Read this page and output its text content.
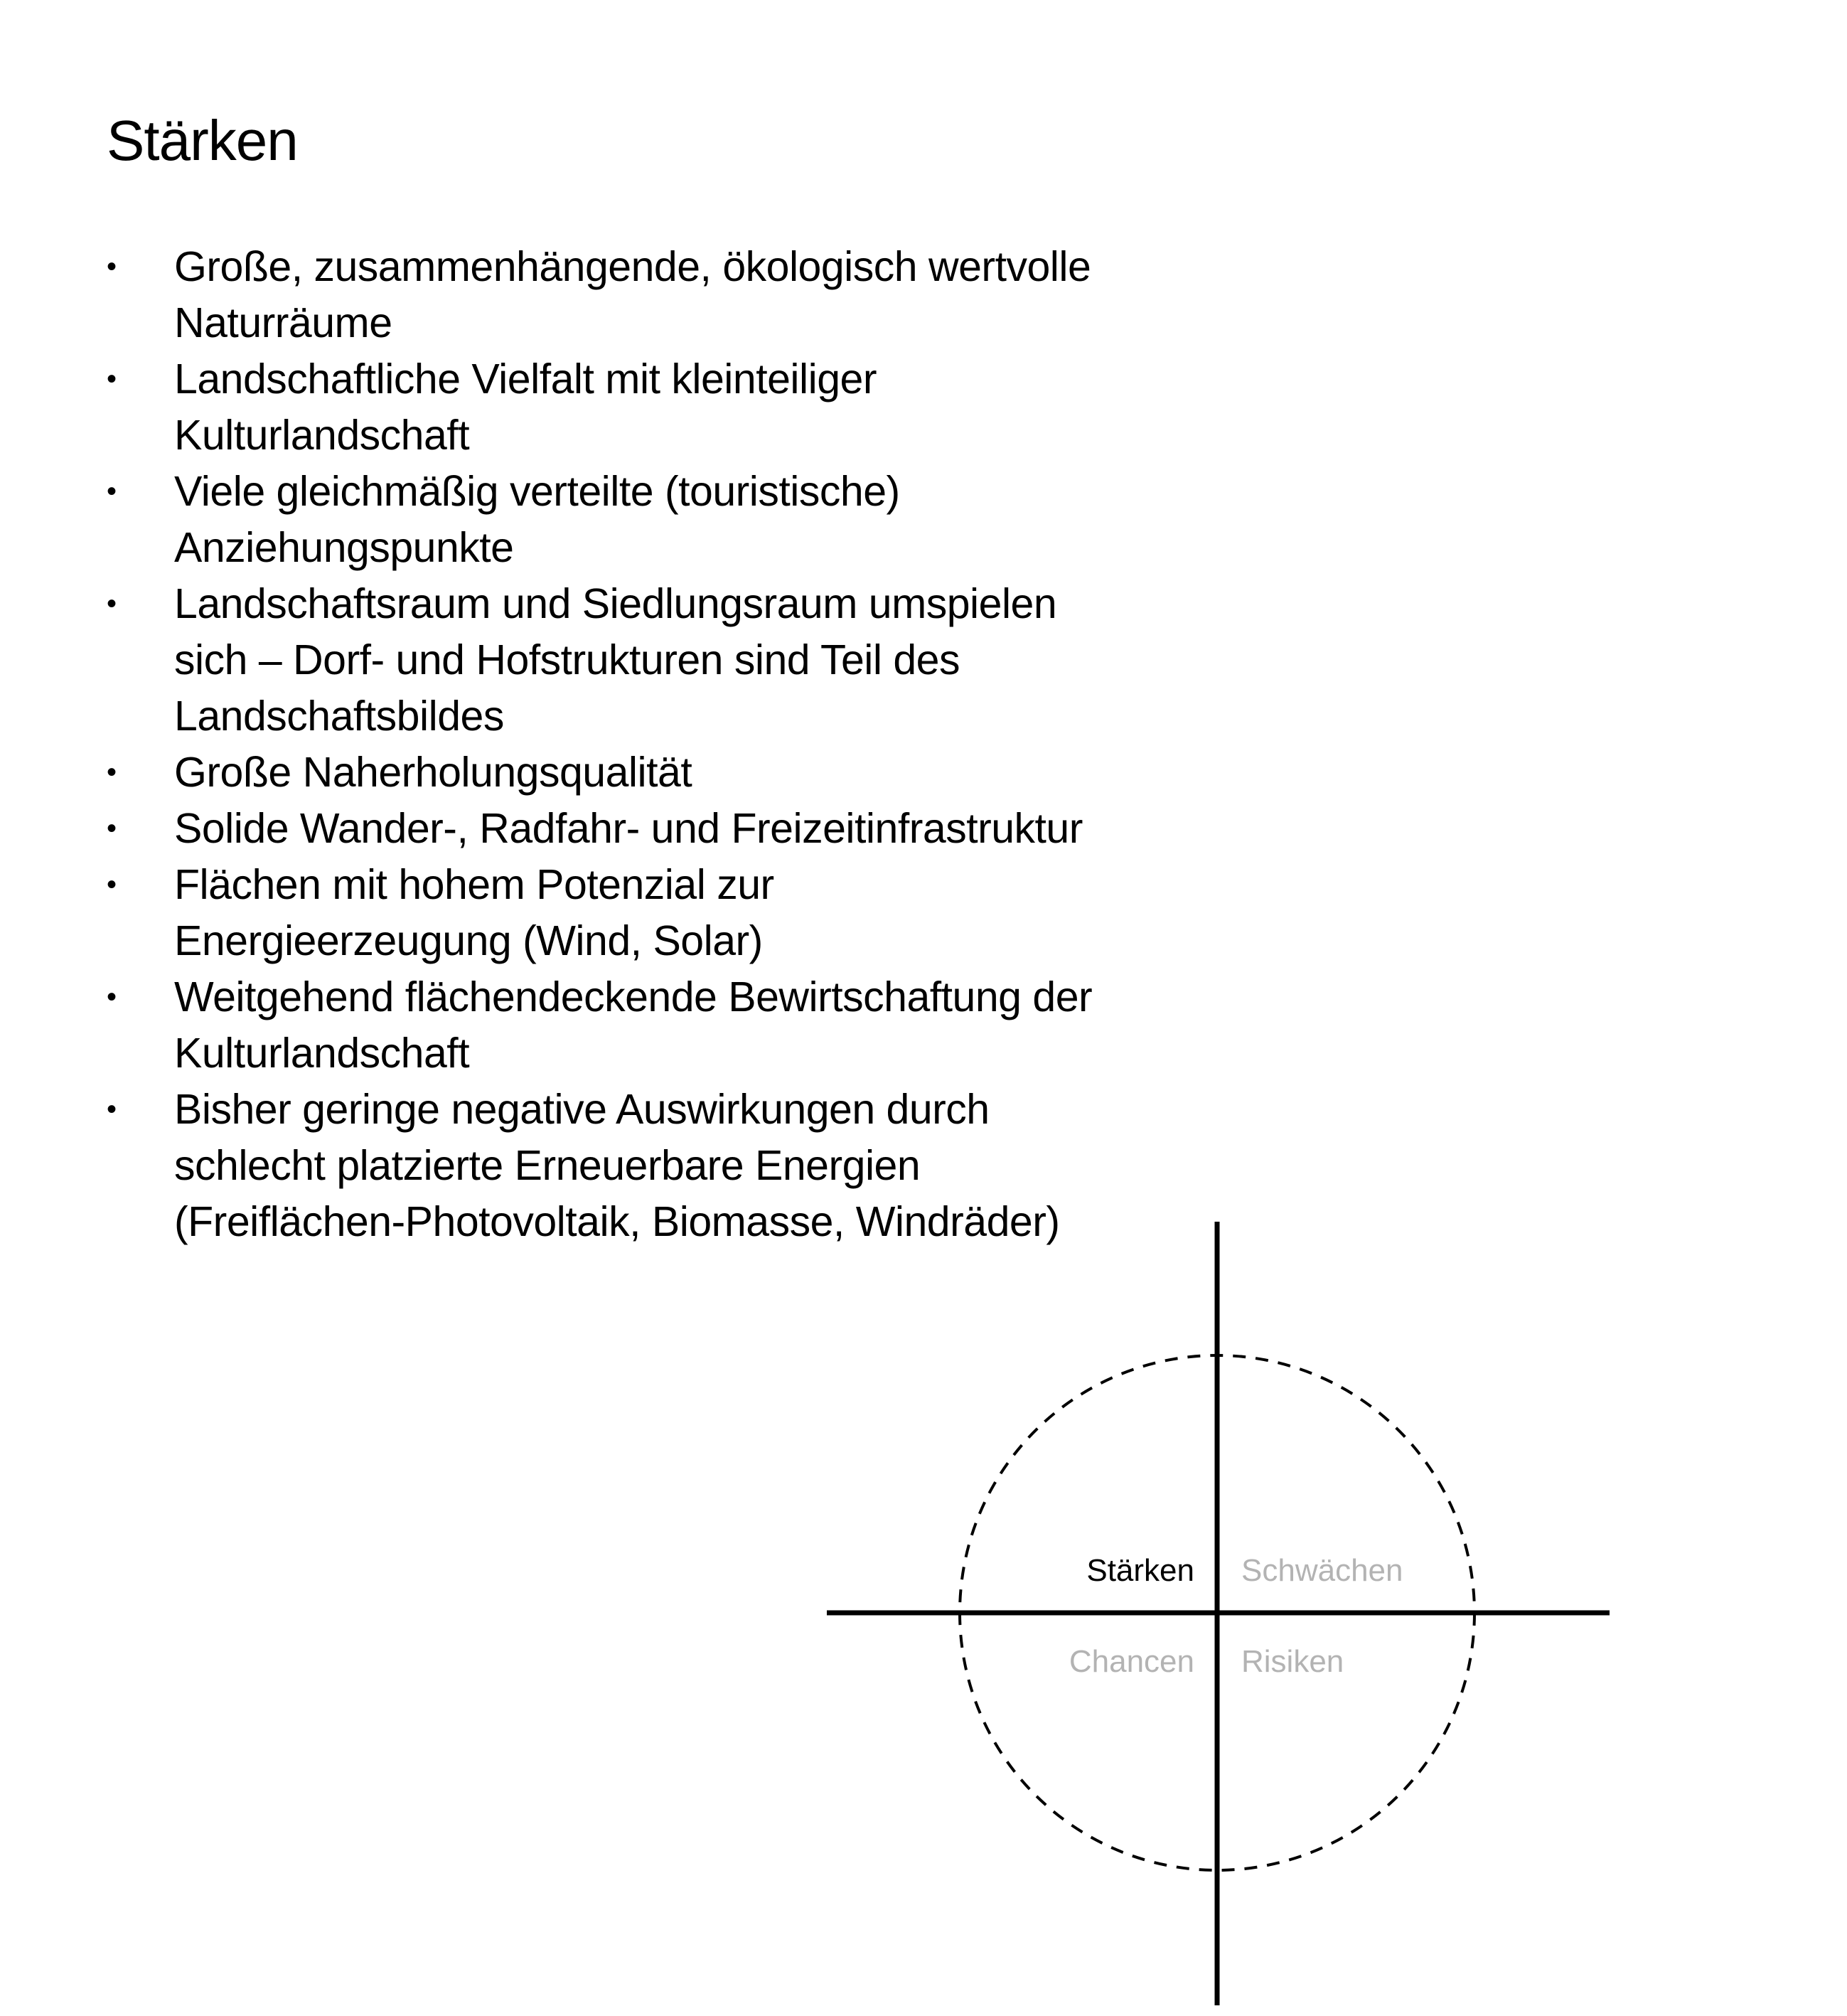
Stärken
• Große, zusammenhängende, ökologisch wertvolle Naturräume
• Landschaftliche Vielfalt mit kleinteiliger Kulturlandschaft
• Viele gleichmäßig verteilte (touristische) Anziehungspunkte
• Landschaftsraum und Siedlungsraum umspielen sich – Dorf- und Hofstrukturen sind Teil des Landschaftsbildes
• Große Naherholungsqualität
• Solide Wander-, Radfahr- und Freizeitinfrastruktur
• Flächen mit hohem Potenzial zur Energieerzeugung (Wind, Solar)
• Weitgehend flächendeckende Bewirtschaftung der Kulturlandschaft
• Bisher geringe negative Auswirkungen durch schlecht platzierte Erneuerbare Energien (Freiflächen-Photovoltaik, Biomasse, Windräder)
Stärken Schwächen
Chancen Risiken
